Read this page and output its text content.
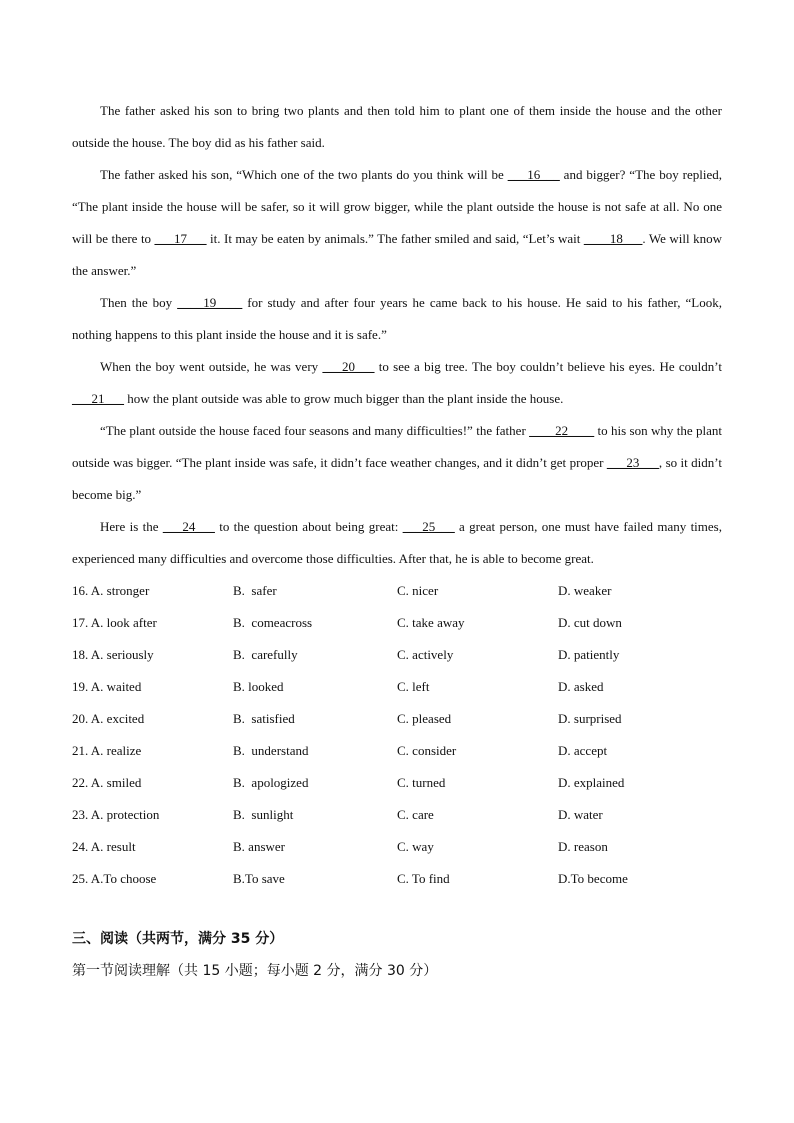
The father asked his son to bring two plants and then told him to plant one of them inside the house and the other outside the house. The boy did as his father said.

The father asked his son, “Which one of the two plants do you think will be ___16___ and bigger? “The boy replied, “The plant inside the house will be safer, so it will grow bigger, while the plant outside the house is not safe at all. No one will be there to ___17___ it. It may be eaten by animals.” The father smiled and said, “Let’s wait ____18___. We will know the answer.”

Then the boy ____19____ for study and after four years he came back to his house. He said to his father, “Look, nothing happens to this plant inside the house and it is safe.”

When the boy went outside, he was very ___20___ to see a big tree. The boy couldn’t believe his eyes. He couldn’t ___21___ how the plant outside was able to grow much bigger than the plant inside the house.

“The plant outside the house faced four seasons and many difficulties!” the father ____22____ to his son why the plant outside was bigger. “The plant inside was safe, it didn’t face weather changes, and it didn’t get proper ___23___, so it didn’t become big.”

Here is the ___24___ to the question about being great: ___25___ a great person, one must have failed many times, experienced many difficulties and overcome those difficulties. After that, he is able to become great.

16. A. stronger	B.  safer	C. nicer	D. weaker
17. A. look after	B.  comeacross	C. take away	D. cut down
18. A. seriously	B.  carefully	C. actively	D. patiently
19. A. waited	B. looked	C. left	D. asked
20. A. excited	B.  satisfied	C. pleased	D. surprised
21. A. realize	B.  understand	C. consider	D. accept
22. A. smiled	B.  apologized	C. turned	D. explained
23. A. protection	B.  sunlight	C. care	D. water
24. A. result	B. answer	C. way	D. reason
25. A.To choose	B.To save	C. To find	D.To become
三、阅读（共两节，满分 35 分）
第一节阅读理解（共 15 小题；每小题 2 分，满分 30 分）
